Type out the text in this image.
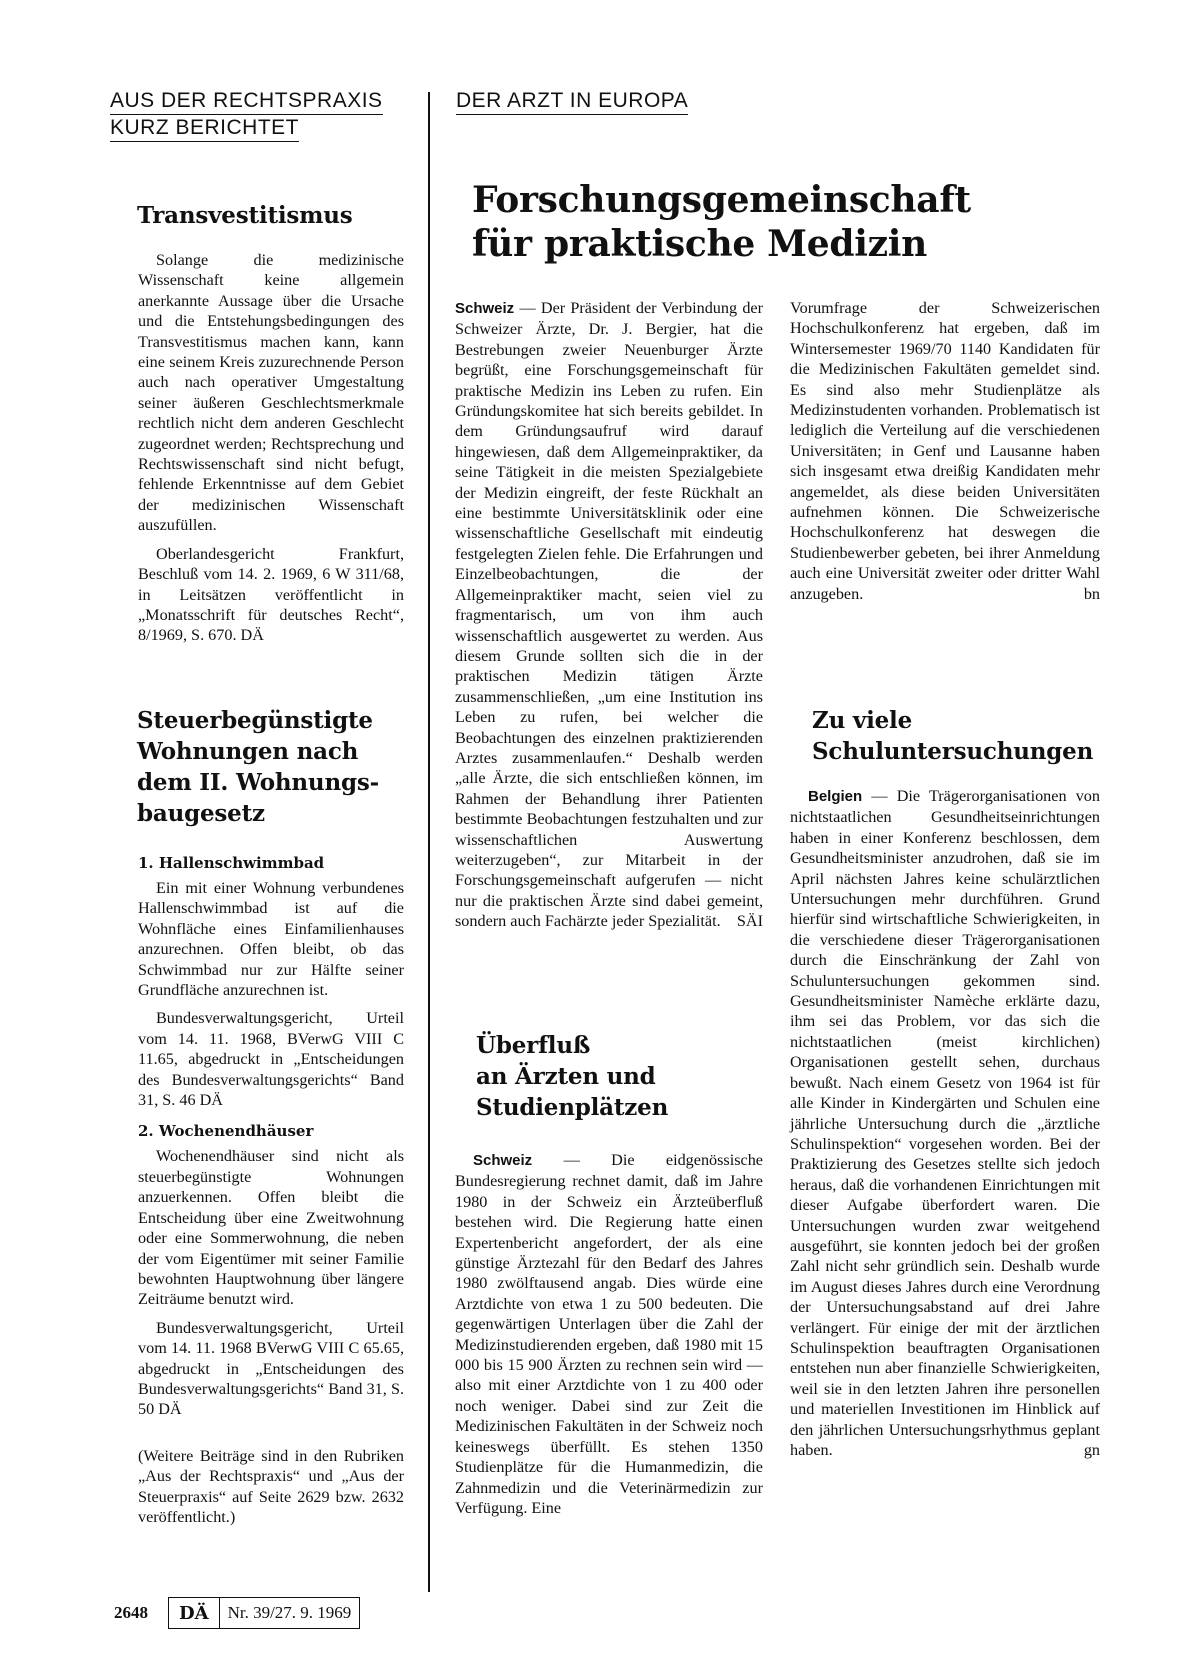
AUS DER RECHTSPRAXIS
KURZ BERICHTET
DER ARZT IN EUROPA
Transvestitismus

Solange die medizinische Wissenschaft keine allgemein anerkannte Aussage über die Ursache und die Entstehungsbedingungen des Transvestitismus machen kann, kann eine seinem Kreis zuzurechnende Person auch nach operativer Umgestaltung seiner äußeren Geschlechtsmerkmale rechtlich nicht dem anderen Geschlecht zugeordnet werden; Rechtsprechung und Rechtswissenschaft sind nicht befugt, fehlende Erkenntnisse auf dem Gebiet der medizinischen Wissenschaft auszufüllen.

Oberlandesgericht Frankfurt, Beschluß vom 14. 2. 1969, 6 W 311/68, in Leitsätzen veröffentlicht in „Monatsschrift für deutsches Recht“, 8/1969, S. 670. DÄ

Steuerbegünstigte
Wohnungen nach
dem II. Wohnungs-
baugesetz
1. Hallenschwimmbad

Ein mit einer Wohnung verbundenes Hallenschwimmbad ist auf die Wohnfläche eines Einfamilienhauses anzurechnen. Offen bleibt, ob das Schwimmbad nur zur Hälfte seiner Grundfläche anzurechnen ist.

Bundesverwaltungsgericht, Urteil vom 14. 11. 1968, BVerwG VIII C 11.65, abgedruckt in „Entscheidungen des Bundesverwaltungsgerichts“ Band 31, S. 46 DÄ

2. Wochenendhäuser

Wochenendhäuser sind nicht als steuerbegünstigte Wohnungen anzuerkennen. Offen bleibt die Entscheidung über eine Zweitwohnung oder eine Sommerwohnung, die neben der vom Eigentümer mit seiner Familie bewohnten Hauptwohnung über längere Zeiträume benutzt wird.

Bundesverwaltungsgericht, Urteil vom 14. 11. 1968 BVerwG VIII C 65.65, abgedruckt in „Entscheidungen des Bundesverwaltungsgerichts“ Band 31, S. 50 DÄ

(Weitere Beiträge sind in den Rubriken „Aus der Rechtspraxis“ und „Aus der Steuerpraxis“ auf Seite 2629 bzw. 2632 veröffentlicht.)

Forschungsgemeinschaft
für praktische Medizin

Schweiz — Der Präsident der Verbindung der Schweizer Ärzte, Dr. J. Bergier, hat die Bestrebungen zweier Neuenburger Ärzte begrüßt, eine Forschungsgemeinschaft für praktische Medizin ins Leben zu rufen. Ein Gründungskomitee hat sich bereits gebildet. In dem Gründungsaufruf wird darauf hingewiesen, daß dem Allgemeinpraktiker, da seine Tätigkeit in die meisten Spezialgebiete der Medizin eingreift, der feste Rückhalt an eine bestimmte Universitätsklinik oder eine wissenschaftliche Gesellschaft mit eindeutig festgelegten Zielen fehle. Die Erfahrungen und Einzelbeobachtungen, die der Allgemeinpraktiker macht, seien viel zu fragmentarisch, um von ihm auch wissenschaftlich ausgewertet zu werden. Aus diesem Grunde sollten sich die in der praktischen Medizin tätigen Ärzte zusammenschließen, „um eine Institution ins Leben zu rufen, bei welcher die Beobachtungen des einzelnen praktizierenden Arztes zusammenlaufen.“ Deshalb werden „alle Ärzte, die sich entschließen können, im Rahmen der Behandlung ihrer Patienten bestimmte Beobachtungen festzuhalten und zur wissenschaftlichen Auswertung weiterzugeben“, zur Mitarbeit in der Forschungsgemeinschaft aufgerufen — nicht nur die praktischen Ärzte sind dabei gemeint, sondern auch Fachärzte jeder Spezialität. SÄI

Überfluß
an Ärzten und
Studienplätzen

Schweiz — Die eidgenössische Bundesregierung rechnet damit, daß im Jahre 1980 in der Schweiz ein Ärzteüberfluß bestehen wird. Die Regierung hatte einen Expertenbericht angefordert, der als eine günstige Ärztezahl für den Bedarf des Jahres 1980 zwölftausend angab. Dies würde eine Arztdichte von etwa 1 zu 500 bedeuten. Die gegenwärtigen Unterlagen über die Zahl der Medizinstudierenden ergeben, daß 1980 mit 15 000 bis 15 900 Ärzten zu rechnen sein wird — also mit einer Arztdichte von 1 zu 400 oder noch weniger. Dabei sind zur Zeit die Medizinischen Fakultäten in der Schweiz noch keineswegs überfüllt. Es stehen 1350 Studienplätze für die Humanmedizin, die Zahnmedizin und die Veterinärmedizin zur Verfügung. Eine

Vorumfrage der Schweizerischen Hochschulkonferenz hat ergeben, daß im Wintersemester 1969/70 1140 Kandidaten für die Medizinischen Fakultäten gemeldet sind. Es sind also mehr Studienplätze als Medizinstudenten vorhanden. Problematisch ist lediglich die Verteilung auf die verschiedenen Universitäten; in Genf und Lausanne haben sich insgesamt etwa dreißig Kandidaten mehr angemeldet, als diese beiden Universitäten aufnehmen können. Die Schweizerische Hochschulkonferenz hat deswegen die Studienbewerber gebeten, bei ihrer Anmeldung auch eine Universität zweiter oder dritter Wahl anzugeben.	bn

Zu viele
Schuluntersuchungen

Belgien — Die Trägerorganisationen von nichtstaatlichen Gesundheitseinrichtungen haben in einer Konferenz beschlossen, dem Gesundheitsminister anzudrohen, daß sie im April nächsten Jahres keine schulärztlichen Untersuchungen mehr durchführen. Grund hierfür sind wirtschaftliche Schwierigkeiten, in die verschiedene dieser Trägerorganisationen durch die Einschränkung der Zahl von Schuluntersuchungen gekommen sind. Gesundheitsminister Namèche erklärte dazu, ihm sei das Problem, vor das sich die nichtstaatlichen (meist kirchlichen) Organisationen gestellt sehen, durchaus bewußt. Nach einem Gesetz von 1964 ist für alle Kinder in Kindergärten und Schulen eine jährliche Untersuchung durch die „ärztliche Schulinspektion“ vorgesehen worden. Bei der Praktizierung des Gesetzes stellte sich jedoch heraus, daß die vorhandenen Einrichtungen mit dieser Aufgabe überfordert waren. Die Untersuchungen wurden zwar weitgehend ausgeführt, sie konnten jedoch bei der großen Zahl nicht sehr gründlich sein. Deshalb wurde im August dieses Jahres durch eine Verordnung der Untersuchungsabstand auf drei Jahre verlängert. Für einige der mit der ärztlichen Schulinspektion beauftragten Organisationen entstehen nun aber finanzielle Schwierigkeiten, weil sie in den letzten Jahren ihre personellen und materiellen Investitionen im Hinblick auf den jährlichen Untersuchungsrhythmus geplant haben.	gn

2648	DÄ	Nr. 39/27. 9. 1969
